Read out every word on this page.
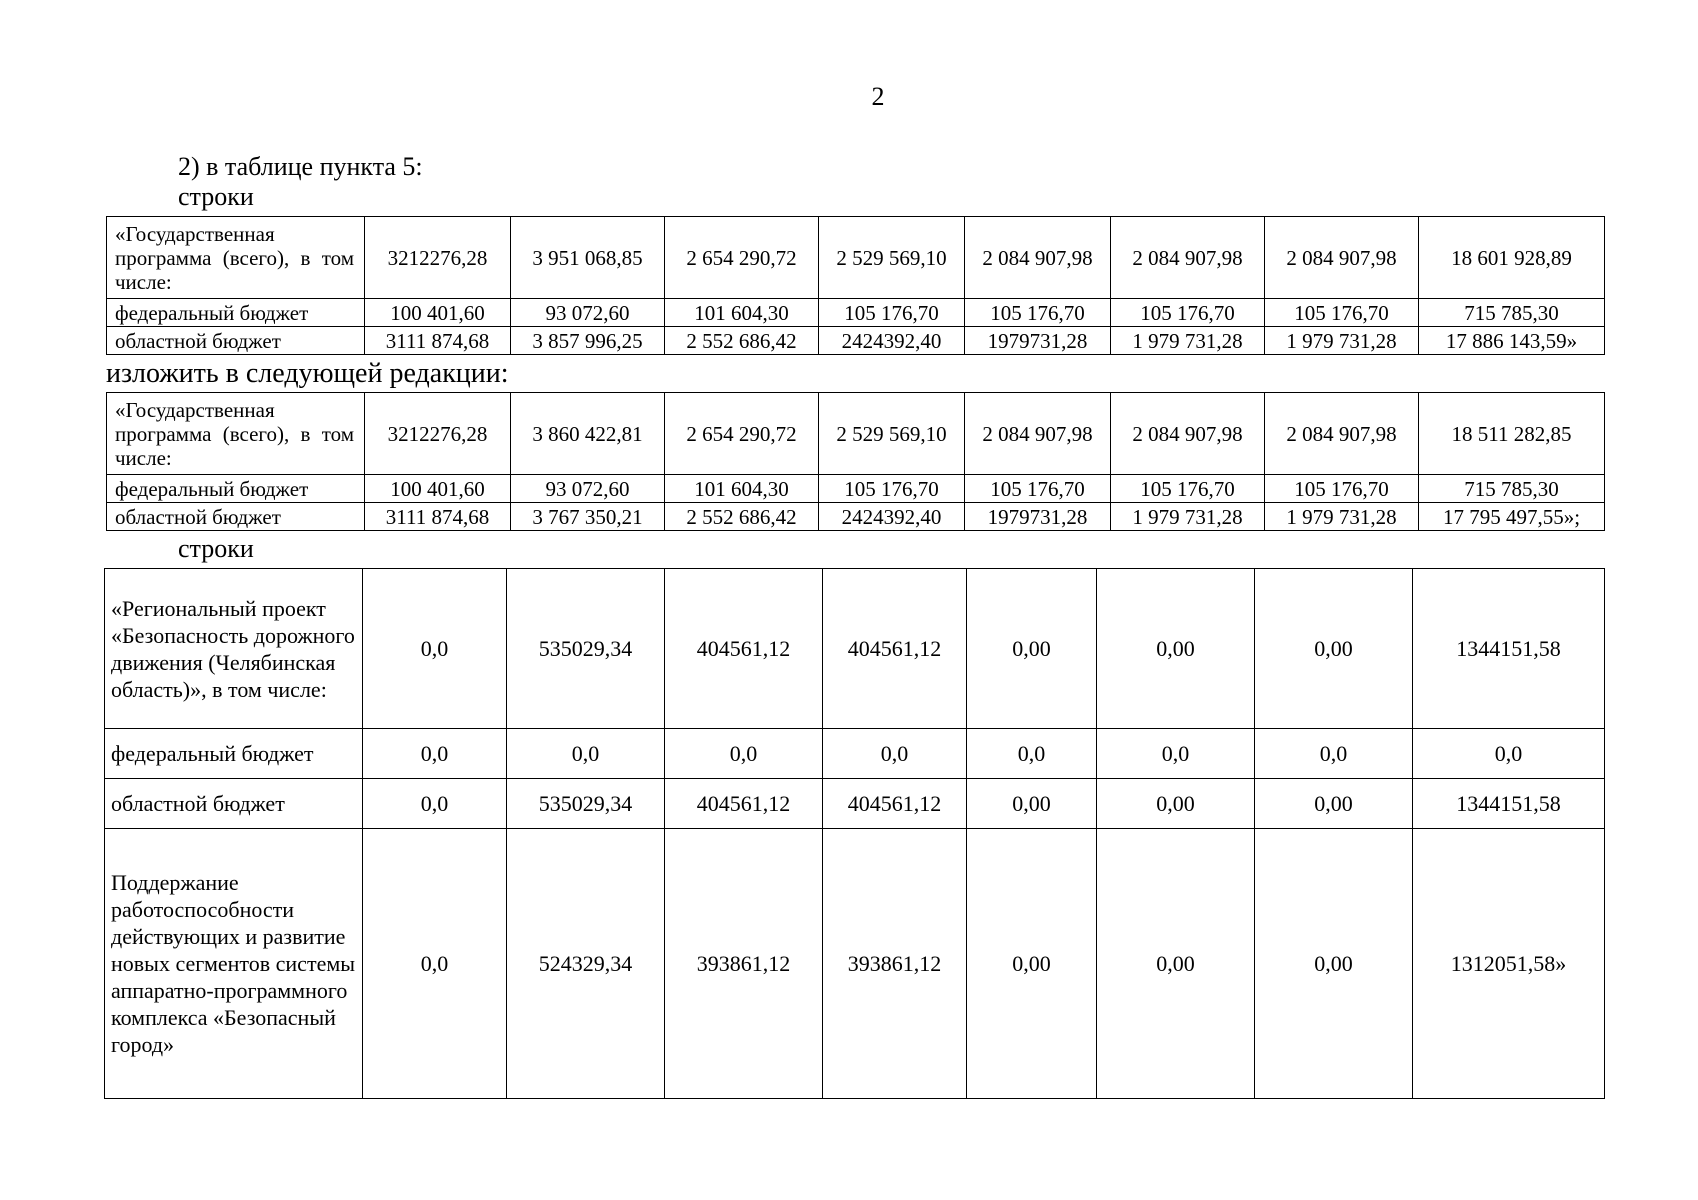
2
2) в таблице пункта 5:
строки
«Государственная программа (всего), в том числе:	3212276,28	3 951 068,85	2 654 290,72	2 529 569,10	2 084 907,98	2 084 907,98	2 084 907,98	18 601 928,89
федеральный бюджет	100 401,60	93 072,60	101 604,30	105 176,70	105 176,70	105 176,70	105 176,70	715 785,30
областной бюджет	3111 874,68	3 857 996,25	2 552 686,42	2424392,40	1979731,28	1 979 731,28	1 979 731,28	17 886 143,59»
изложить в следующей редакции:
«Государственная программа (всего), в том числе:	3212276,28	3 860 422,81	2 654 290,72	2 529 569,10	2 084 907,98	2 084 907,98	2 084 907,98	18 511 282,85
федеральный бюджет	100 401,60	93 072,60	101 604,30	105 176,70	105 176,70	105 176,70	105 176,70	715 785,30
областной бюджет	3111 874,68	3 767 350,21	2 552 686,42	2424392,40	1979731,28	1 979 731,28	1 979 731,28	17 795 497,55»;
строки
«Региональный проект «Безопасность дорожного движения (Челябинская область)», в том числе:	0,0	535029,34	404561,12	404561,12	0,00	0,00	0,00	1344151,58
федеральный бюджет	0,0	0,0	0,0	0,0	0,0	0,0	0,0	0,0
областной бюджет	0,0	535029,34	404561,12	404561,12	0,00	0,00	0,00	1344151,58
Поддержание работоспособности действующих и развитие новых сегментов системы аппаратно-программного комплекса «Безопасный город»	0,0	524329,34	393861,12	393861,12	0,00	0,00	0,00	1312051,58»
